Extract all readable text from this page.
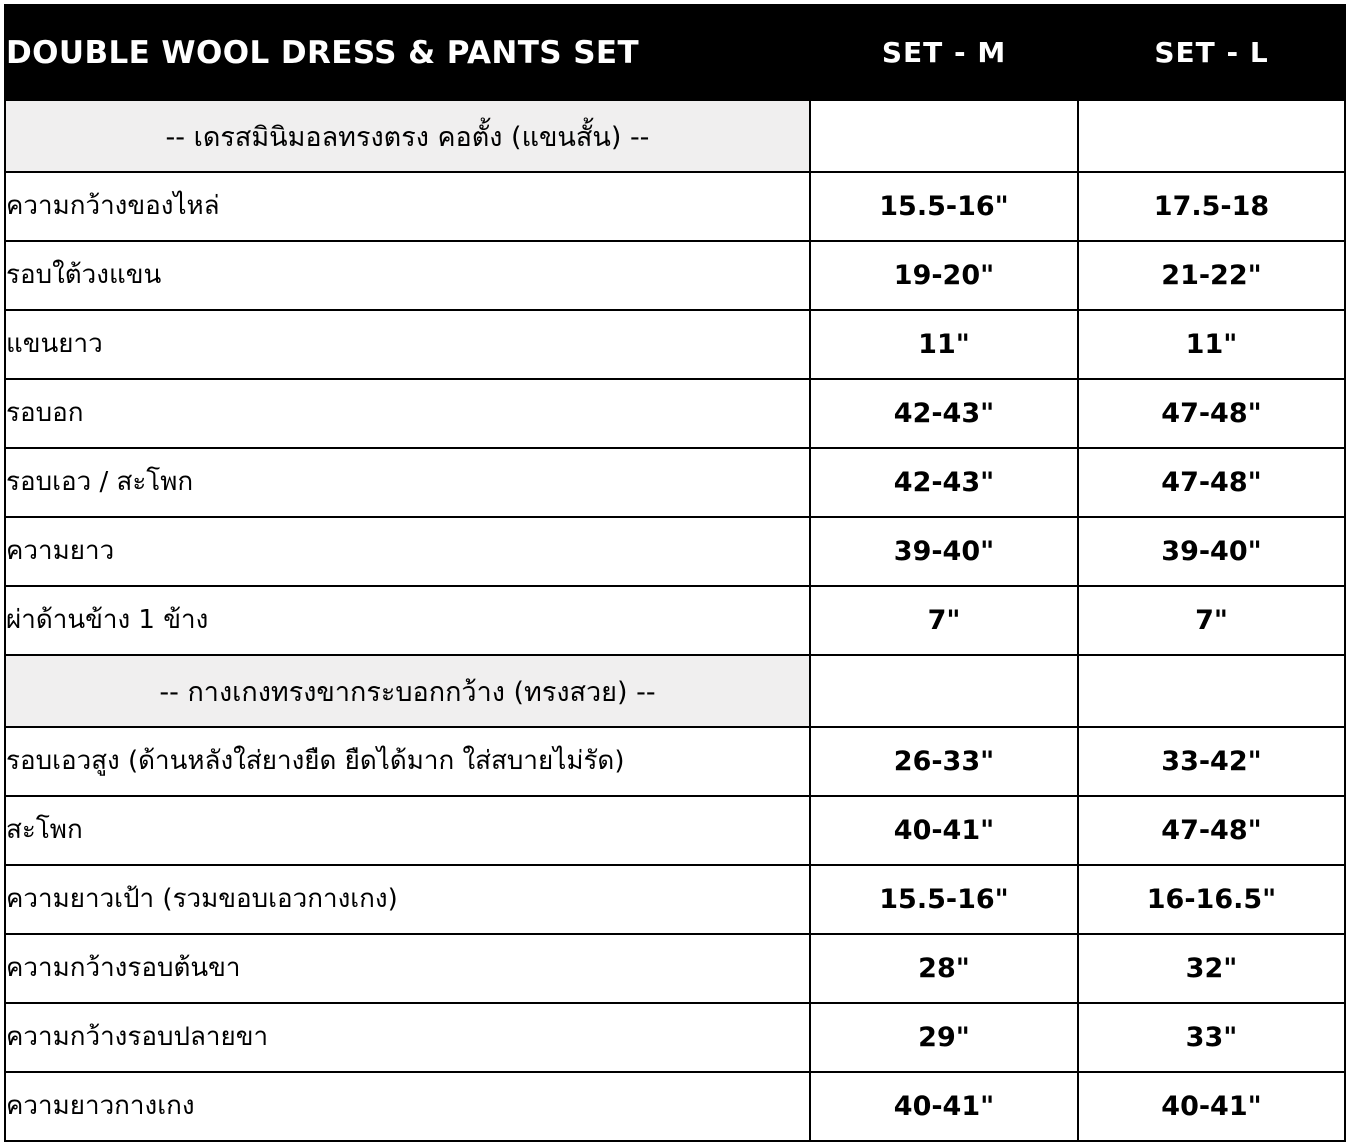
DOUBLE WOOL DRESS & PANTS SET	SET - M	SET - L
-- เดรสมินิมอลทรงตรง คอตั้ง (แขนสั้น) --		
ความกว้างของไหล่	15.5-16"	17.5-18
รอบใต้วงแขน	19-20"	21-22"
แขนยาว	11"	11"
รอบอก	42-43"	47-48"
รอบเอว / สะโพก	42-43"	47-48"
ความยาว	39-40"	39-40"
ผ่าด้านข้าง 1 ข้าง	7"	7"
-- กางเกงทรงขากระบอกกว้าง (ทรงสวย) --		
รอบเอวสูง (ด้านหลังใส่ยางยืด ยืดได้มาก ใส่สบายไม่รัด)	26-33"	33-42"
สะโพก	40-41"	47-48"
ความยาวเป้า (รวมขอบเอวกางเกง)	15.5-16"	16-16.5"
ความกว้างรอบต้นขา	28"	32"
ความกว้างรอบปลายขา	29"	33"
ความยาวกางเกง	40-41"	40-41"
